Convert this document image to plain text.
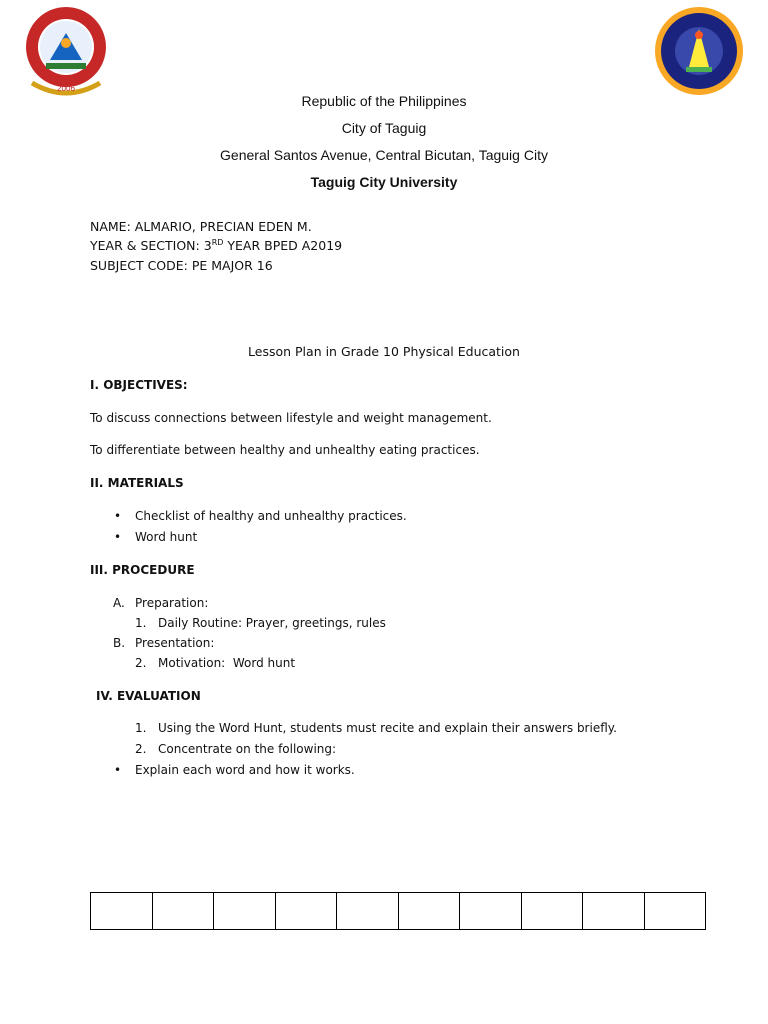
2006
Republic of the Philippines
City of Taguig
General Santos Avenue, Central Bicutan, Taguig City
Taguig City University
NAME: ALMARIO, PRECIAN EDEN M.
YEAR & SECTION: 3RD YEAR BPED A2019
SUBJECT CODE: PE MAJOR 16
Lesson Plan in Grade 10 Physical Education
I. OBJECTIVES:
To discuss connections between lifestyle and weight management.
To differentiate between healthy and unhealthy eating practices.
II. MATERIALS
• Checklist of healthy and unhealthy practices.
• Word hunt
III. PROCEDURE
A. Preparation:
1. Daily Routine: Prayer, greetings, rules
B. Presentation:
2. Motivation:  Word hunt
IV. EVALUATION
1. Using the Word Hunt, students must recite and explain their answers briefly.
2. Concentrate on the following:
• Explain each word and how it works.
